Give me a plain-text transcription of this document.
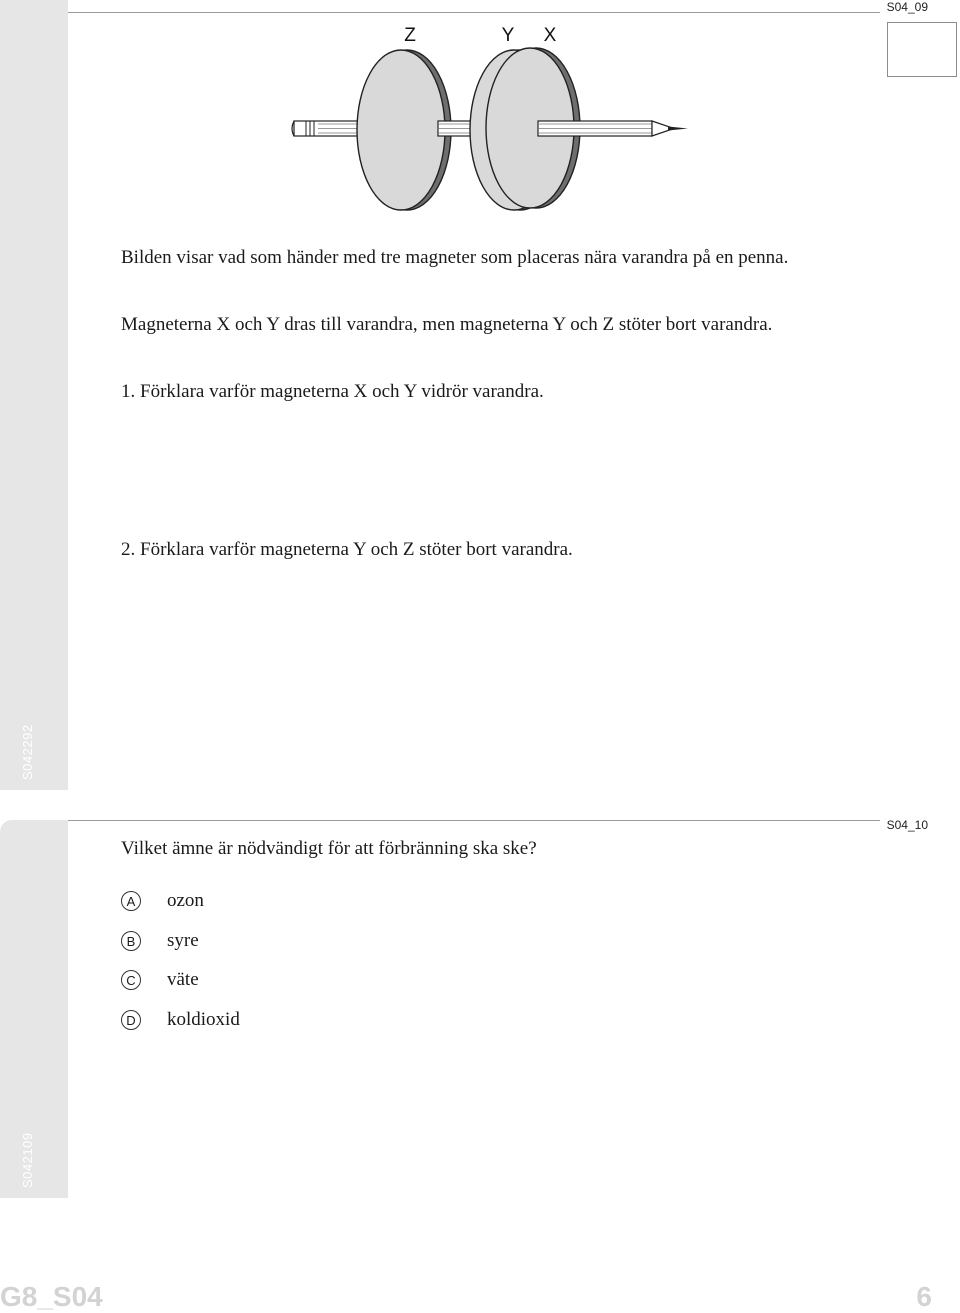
S042292
S042109
S04_09
S04_10
Z	Y X
Bilden visar vad som händer med tre magneter som placeras nära varandra på en penna.
Magneterna X och Y dras till varandra, men magneterna Y och Z stöter bort varandra.
1. Förklara varför magneterna X och Y vidrör varandra.
2. Förklara varför magneterna Y och Z stöter bort varandra.
Vilket ämne är nödvändigt för att förbränning ska ske?
A ozon
B syre
C väte
D koldioxid
G8_S04	6
